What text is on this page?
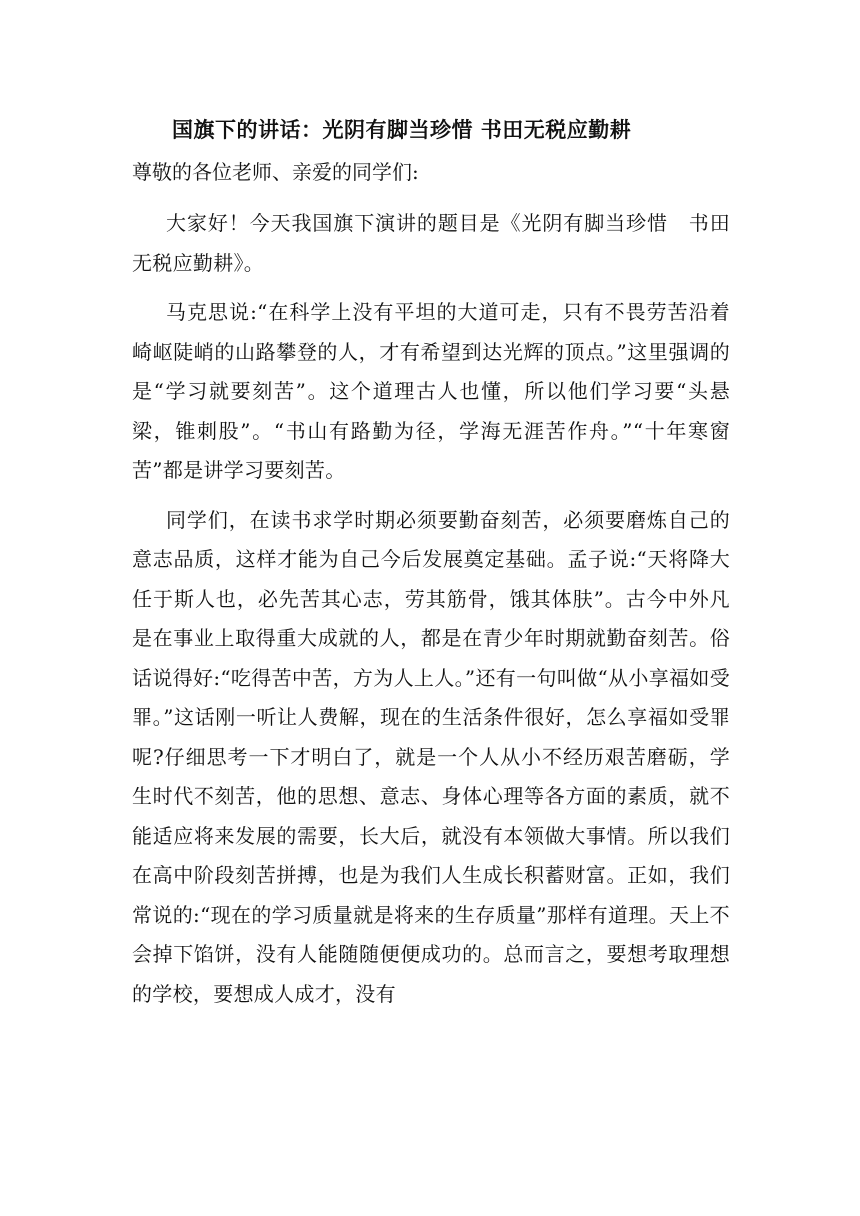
国旗下的讲话：光阴有脚当珍惜 书田无税应勤耕

尊敬的各位老师、亲爱的同学们:

大家好！今天我国旗下演讲的题目是《光阴有脚当珍惜　书田无税应勤耕》。

马克思说:“在科学上没有平坦的大道可走，只有不畏劳苦沿着崎岖陡峭的山路攀登的人，才有希望到达光辉的顶点。”这里强调的是“学习就要刻苦”。这个道理古人也懂，所以他们学习要“头悬梁，锥刺股”。“书山有路勤为径，学海无涯苦作舟。”“十年寒窗苦”都是讲学习要刻苦。

同学们，在读书求学时期必须要勤奋刻苦，必须要磨炼自己的意志品质，这样才能为自己今后发展奠定基础。孟子说:“天将降大任于斯人也，必先苦其心志，劳其筋骨，饿其体肤”。古今中外凡是在事业上取得重大成就的人，都是在青少年时期就勤奋刻苦。俗话说得好:“吃得苦中苦，方为人上人。”还有一句叫做“从小享福如受罪。”这话刚一听让人费解，现在的生活条件很好，怎么享福如受罪呢?仔细思考一下才明白了，就是一个人从小不经历艰苦磨砺，学生时代不刻苦，他的思想、意志、身体心理等各方面的素质，就不能适应将来发展的需要，长大后，就没有本领做大事情。所以我们在高中阶段刻苦拼搏，也是为我们人生成长积蓄财富。正如，我们常说的:“现在的学习质量就是将来的生存质量”那样有道理。天上不会掉下馅饼，没有人能随随便便成功的。总而言之，要想考取理想的学校，要想成人成才，没有
